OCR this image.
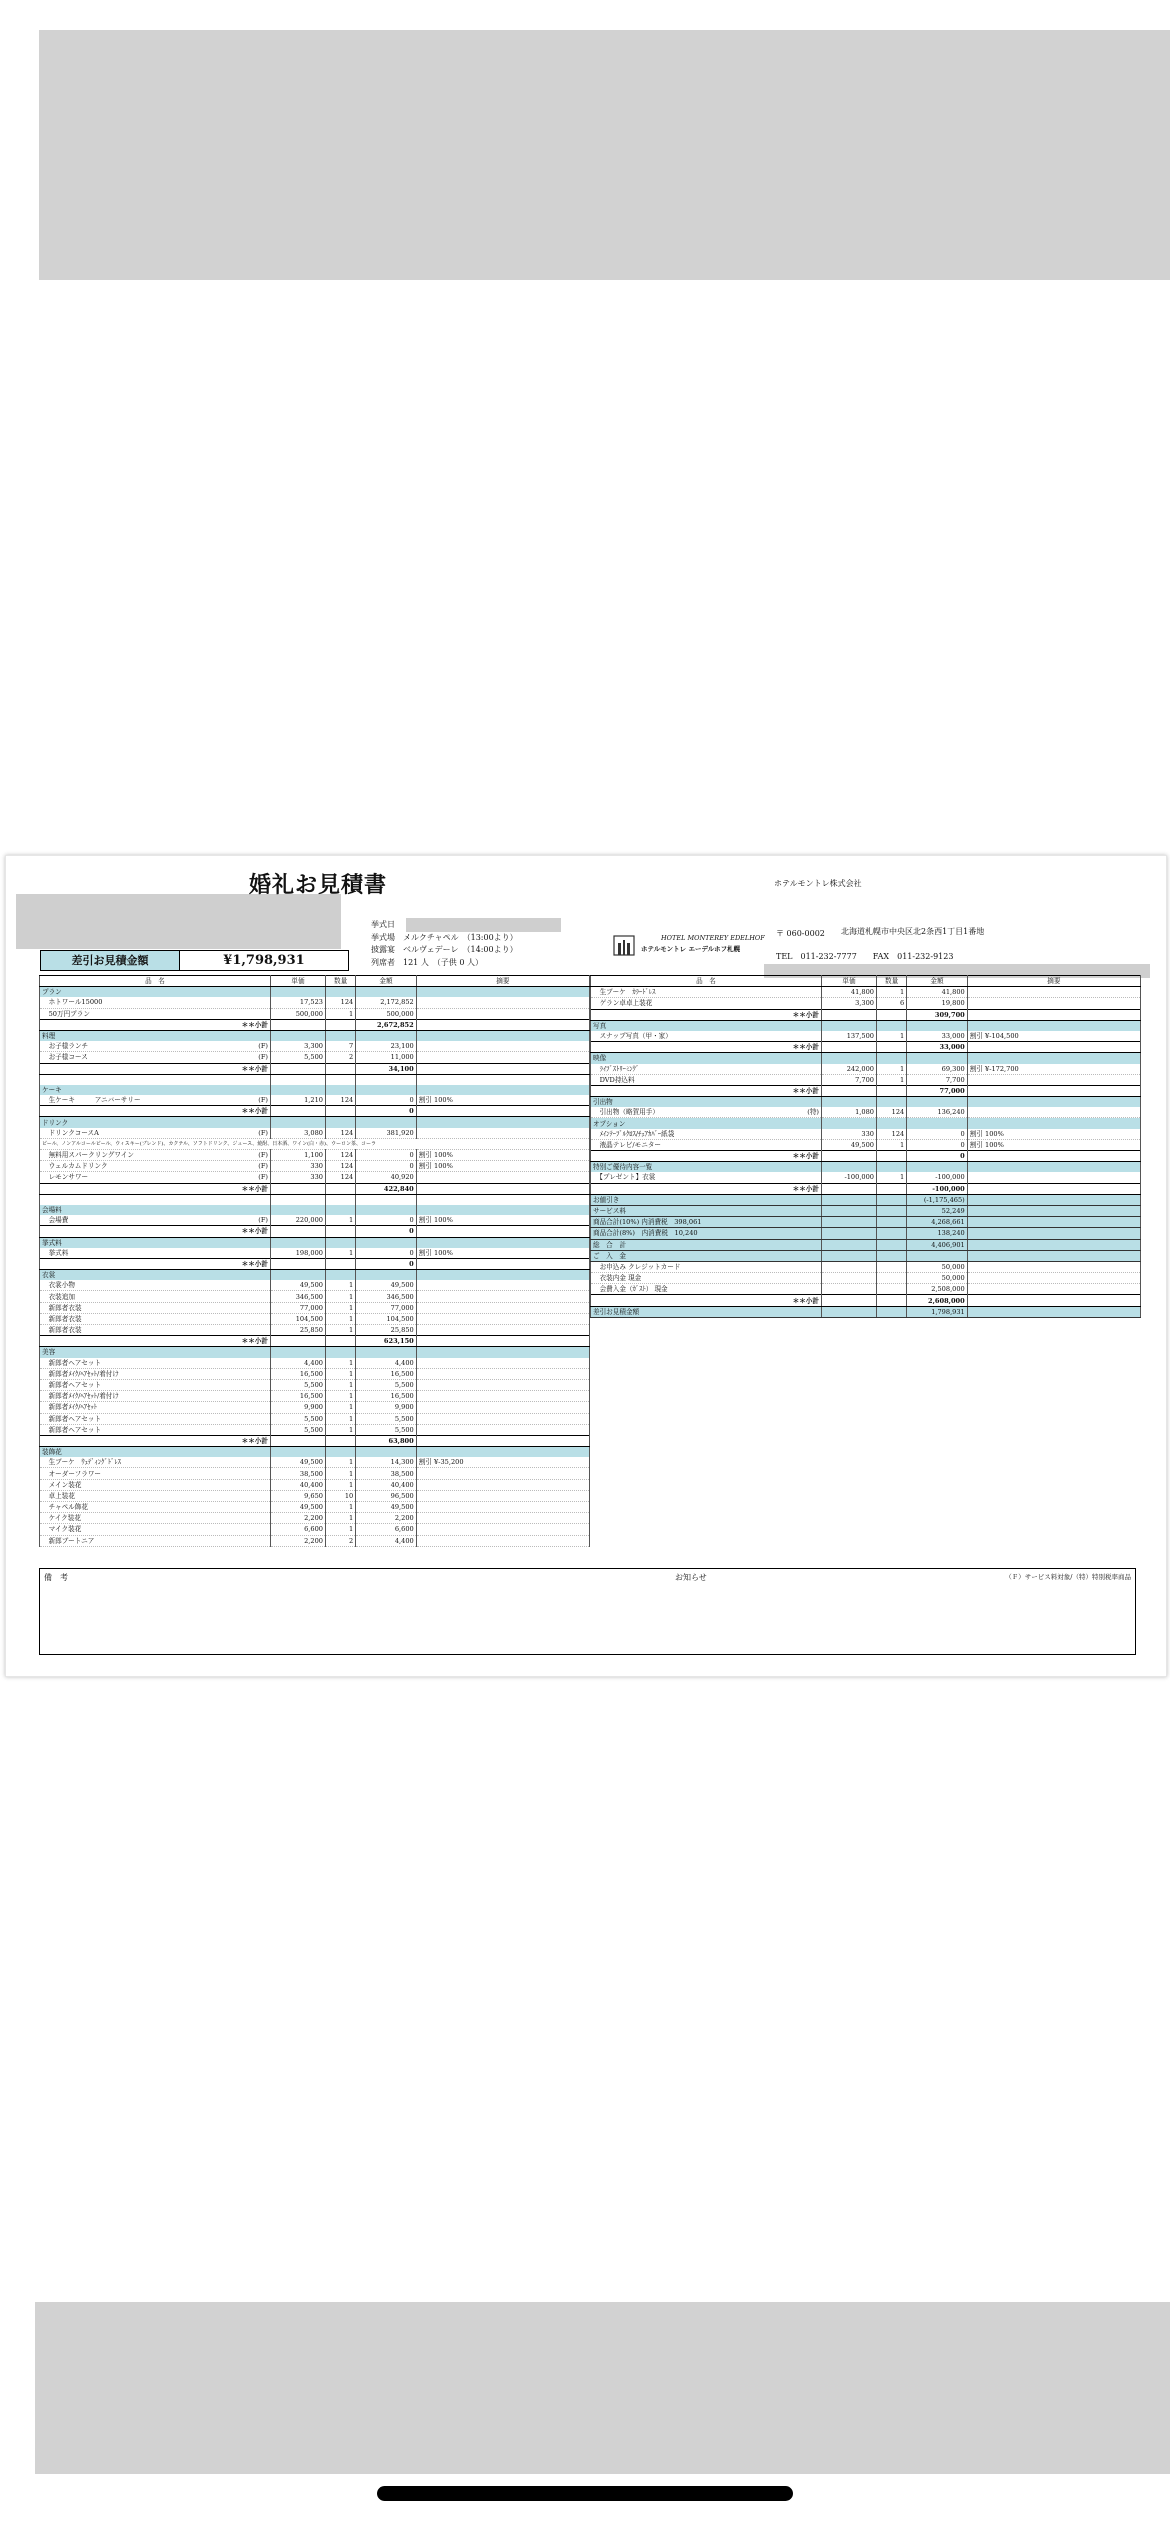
婚礼お見積書	ホテルモントレ株式会社
挙式日　
挙式場　 メルクチャペル　（13:00より）
披露宴　 ベルヴェデーレ　（14:00より）
列席者　 121 人　（子供 0 人）
HOTEL MONTEREY EDELHOF
ホテルモントレ エーデルホフ札幌
〒 060-0002 北海道札幌市中央区北2条西1丁目1番地
TEL　011-232-7777　　FAX　011-232-9123
差引お見積金額	¥1,798,931
品　名	単価	数量	金額	摘要
プラン				
　ホトワール15000	17,523	124	2,172,852	
　50万円プラン	500,000	1	500,000	
＊＊小計			2,672,852	
料理				
　お子様ランチ (F)	3,300	7	23,100	
　お子様コース (F)	5,500	2	11,000	
＊＊小計			34,100	

ケーキ				
　生ケーキ　　　アニバーサリー (F)	1,210	124	0	割引 100%
＊＊小計			0	
ドリンク				
　ドリンクコースA (F)	3,080	124	381,920	
ビール、ノンアルコールビール、ウィスキー(ブレンド)、カクテル、ソフトドリンク、ジュース、焼酎、日本酒、ワイン(白・赤)、ウーロン茶、コーラ				
　無料用スパークリングワイン (F)	1,100	124	0	割引 100%
　ウェルカムドリンク (F)	330	124	0	割引 100%
　レモンサワー (F)	330	124	40,920	
＊＊小計			422,840	

会場料				
　会場費 (F)	220,000	1	0	割引 100%
＊＊小計			0	
挙式料				
　挙式料	198,000	1	0	割引 100%
＊＊小計			0	
衣裳				
　衣裳小物	49,500	1	49,500	
　衣装追加	346,500	1	346,500	
　新郎者衣装	77,000	1	77,000	
　新郎者衣装	104,500	1	104,500	
　新郎者衣装	25,850	1	25,850	
＊＊小計			623,150	
美容				
　新郎者ヘアセット	4,400	1	4,400	
　新郎者ﾒｲｸ/ﾍｱｾｯﾄ/着付け	16,500	1	16,500	
　新郎者ヘアセット	5,500	1	5,500	
　新郎者ﾒｲｸ/ﾍｱｾｯﾄ/着付け	16,500	1	16,500	
　新郎者ﾒｲｸ/ﾍｱｾｯﾄ	9,900	1	9,900	
　新郎者ヘアセット	5,500	1	5,500	
　新郎者ヘアセット	5,500	1	5,500	
＊＊小計			63,800	
装飾花				
　生ブーケ　ｳｪﾃﾞｨﾝｸﾞﾄﾞﾚｽ	49,500	1	14,300	割引 ¥-35,200
　オーダーフラワー	38,500	1	38,500	
　メイン装花	40,400	1	40,400	
　卓上装花	9,650	10	96,500	
　チャペル飾花	49,500	1	49,500	
　ケイク装花	2,200	1	2,200	
　マイク装花	6,600	1	6,600	
　新郎ブートニア	2,200	2	4,400	
品　名	単価	数量	金額	摘要
　生ブーケ　ｶﾗｰﾄﾞﾚｽ	41,800	1	41,800	
　ゲラン卓卓上装花	3,300	6	19,800	
＊＊小計			309,700	
写真				
　スナップ写真（甲・家）	137,500	1	33,000	割引 ¥-104,500
＊＊小計			33,000	
映像				
　ﾗｲﾌﾞｽﾄﾘｰﾐﾝｸﾞ	242,000	1	69,300	割引 ¥-172,700
　DVD持込料	7,700	1	7,700	
＊＊小計			77,000	
引出物				
　引出物（略賀用手） (特)	1,080	124	136,240	
オプション				
　ﾒｲﾝﾃｰﾌﾞﾙｸﾛｽ/ﾁｪｱｶﾊﾞｰ紙袋	330	124	0	割引 100%
　液晶テレビ/モニター	49,500	1	0	割引 100%
＊＊小計			0	
特別ご優待内容一覧				
　【プレゼント】衣裳	-100,000	1	-100,000	
＊＊小計			-100,000	
お値引き			(-1,175,465)	
サービス料			52,249	
商品合計(10%) 内消費税　398,061			4,268,661	
商品合計(8%)　内消費税　10,240			138,240	
総　合　計			4,406,901	
ご　入　金				
　お申込み クレジットカード			50,000	
　衣装内金 現金			50,000	
　会費入金（ｶﾞｽﾄ） 現金			2,508,000	
＊＊小計			2,608,000	
差引お見積金額			1,798,931	
備　考	お知らせ	（Ｆ）サービス料対象/（特）特別税率商品
